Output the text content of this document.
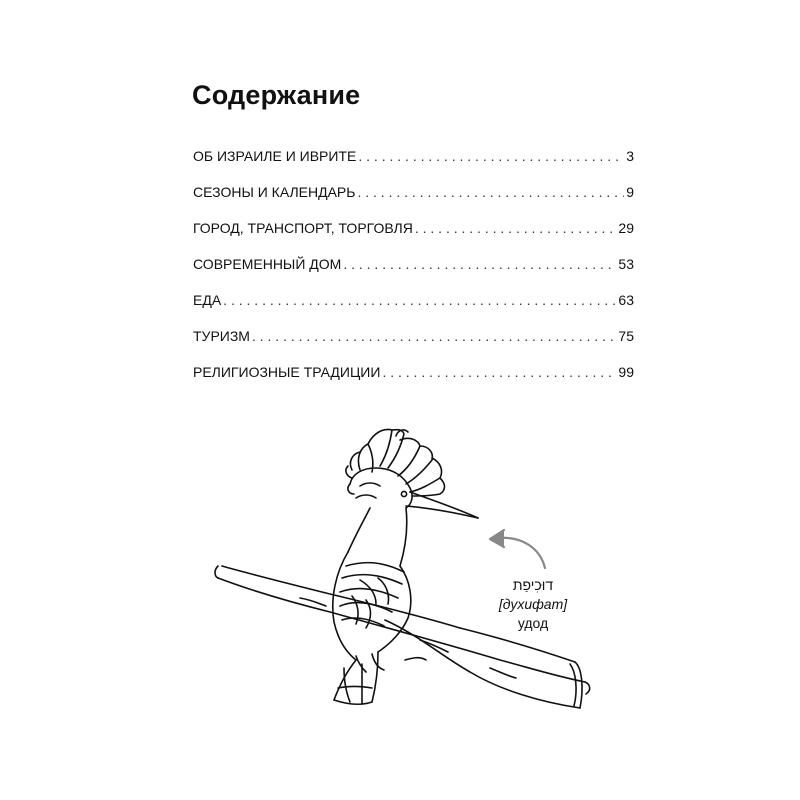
Содержание
ОБ ИЗРАИЛЕ И ИВРИТЕ . . .	3
СЕЗОНЫ И КАЛЕНДАРЬ . . .	9
ГОРОД, ТРАНСПОРТ, ТОРГОВЛЯ . . .	29
СОВРЕМЕННЫЙ ДОМ . . .	53
ЕДА . . .	63
ТУРИЗМ . . .	75
РЕЛИГИОЗНЫЕ ТРАДИЦИИ . . .	99
דוּכִיפַת
[духифат]
удод
